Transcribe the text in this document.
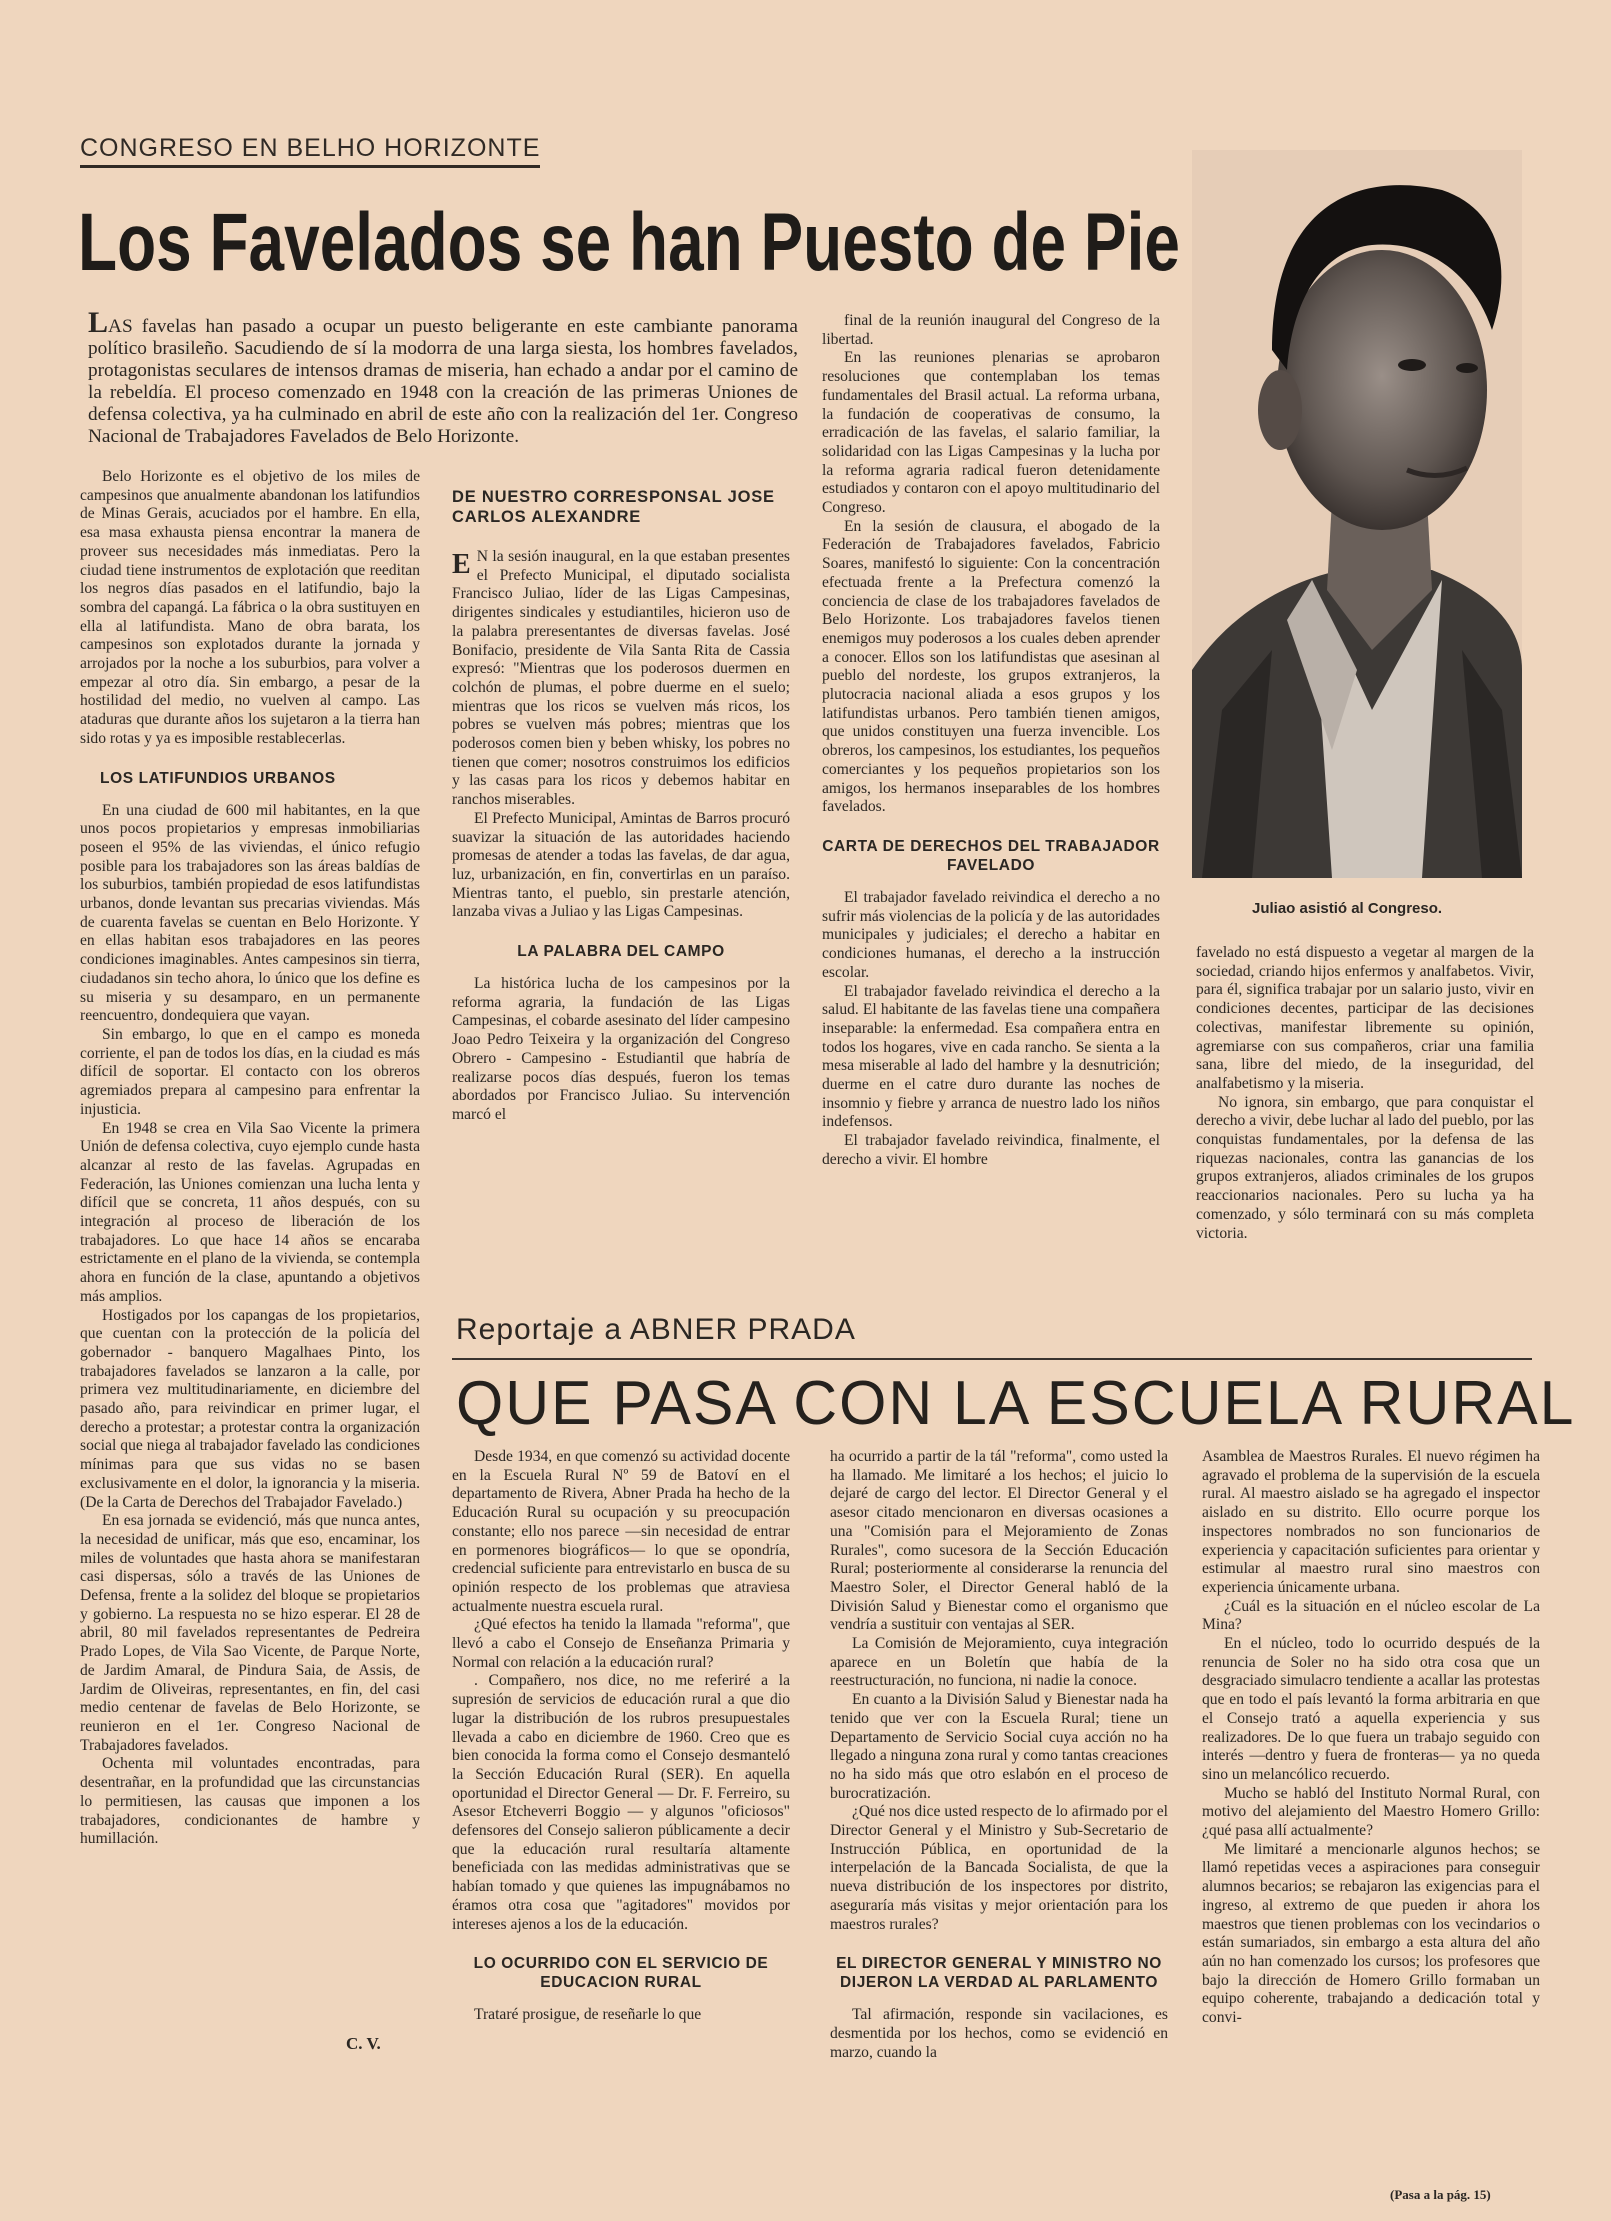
CONGRESO EN BELHO HORIZONTE
Los Favelados se han Puesto de Pie
LAS favelas han pasado a ocupar un puesto beligerante en este cambiante panorama político brasileño. Sacudiendo de sí la modorra de una larga siesta, los hombres favelados, protagonistas seculares de intensos dramas de miseria, han echado a andar por el camino de la rebeldía. El proceso comenzado en 1948 con la creación de las primeras Uniones de defensa colectiva, ya ha culminado en abril de este año con la realización del 1er. Congreso Nacional de Trabajadores Favelados de Belo Horizonte.

Belo Horizonte es el objetivo de los miles de campesinos que anualmente abandonan los latifundios de Minas Gerais, acuciados por el hambre. En ella, esa masa exhausta piensa encontrar la manera de proveer sus necesidades más inmediatas. Pero la ciudad tiene instrumentos de explotación que reeditan los negros días pasados en el latifundio, bajo la sombra del capangá. La fábrica o la obra sustituyen en ella al latifundista. Mano de obra barata, los campesinos son explotados durante la jornada y arrojados por la noche a los suburbios, para volver a empezar al otro día. Sin embargo, a pesar de la hostilidad del medio, no vuelven al campo. Las ataduras que durante años los sujetaron a la tierra han sido rotas y ya es imposible restablecerlas.

LOS LATIFUNDIOS URBANOS

En una ciudad de 600 mil habitantes, en la que unos pocos propietarios y empresas inmobiliarias poseen el 95% de las viviendas, el único refugio posible para los trabajadores son las áreas baldías de los suburbios, también propiedad de esos latifundistas urbanos, donde levantan sus precarias viviendas. Más de cuarenta favelas se cuentan en Belo Horizonte. Y en ellas habitan esos trabajadores en las peores condiciones imaginables. Antes campesinos sin tierra, ciudadanos sin techo ahora, lo único que los define es su miseria y su desamparo, en un permanente reencuentro, dondequiera que vayan.

Sin embargo, lo que en el campo es moneda corriente, el pan de todos los días, en la ciudad es más difícil de soportar. El contacto con los obreros agremiados prepara al campesino para enfrentar la injusticia.

En 1948 se crea en Vila Sao Vicente la primera Unión de defensa colectiva, cuyo ejemplo cunde hasta alcanzar al resto de las favelas. Agrupadas en Federación, las Uniones comienzan una lucha lenta y difícil que se concreta, 11 años después, con su integración al proceso de liberación de los trabajadores. Lo que hace 14 años se encaraba estrictamente en el plano de la vivienda, se contempla ahora en función de la clase, apuntando a objetivos más amplios.

Hostigados por los capangas de los propietarios, que cuentan con la protección de la policía del gobernador - banquero Magalhaes Pinto, los trabajadores favelados se lanzaron a la calle, por primera vez multitudinariamente, en diciembre del pasado año, para reivindicar en primer lugar, el derecho a protestar; a protestar contra la organización social que niega al trabajador favelado las condiciones mínimas para que sus vidas no se basen exclusivamente en el dolor, la ignorancia y la miseria. (De la Carta de Derechos del Trabajador Favelado.)

En esa jornada se evidenció, más que nunca antes, la necesidad de unificar, más que eso, encaminar, los miles de voluntades que hasta ahora se manifestaran casi dispersas, sólo a través de las Uniones de Defensa, frente a la solidez del bloque se propietarios y gobierno. La respuesta no se hizo esperar. El 28 de abril, 80 mil favelados representantes de Pedreira Prado Lopes, de Vila Sao Vicente, de Parque Norte, de Jardim Amaral, de Pindura Saia, de Assis, de Jardim de Oliveiras, representantes, en fin, del casi medio centenar de favelas de Belo Horizonte, se reunieron en el 1er. Congreso Nacional de Trabajadores favelados.

Ochenta mil voluntades encontradas, para desentrañar, en la profundidad que las circunstancias lo permitiesen, las causas que imponen a los trabajadores, condicionantes de hambre y humillación.

C. V.
DE NUESTRO CORRESPONSAL JOSE CARLOS ALEXANDRE

E N la sesión inaugural, en la que estaban presentes el Prefecto Municipal, el diputado socialista Francisco Juliao, líder de las Ligas Campesinas, dirigentes sindicales y estudiantiles, hicieron uso de la palabra preresentantes de diversas favelas. José Bonifacio, presidente de Vila Santa Rita de Cassia expresó: "Mientras que los poderosos duermen en colchón de plumas, el pobre duerme en el suelo; mientras que los ricos se vuelven más ricos, los pobres se vuelven más pobres; mientras que los poderosos comen bien y beben whisky, los pobres no tienen que comer; nosotros construimos los edificios y las casas para los ricos y debemos habitar en ranchos miserables.

El Prefecto Municipal, Amintas de Barros procuró suavizar la situación de las autoridades haciendo promesas de atender a todas las favelas, de dar agua, luz, urbanización, en fin, convertirlas en un paraíso. Mientras tanto, el pueblo, sin prestarle atención, lanzaba vivas a Juliao y las Ligas Campesinas.

LA PALABRA DEL CAMPO

La histórica lucha de los campesinos por la reforma agraria, la fundación de las Ligas Campesinas, el cobarde asesinato del líder campesino Joao Pedro Teixeira y la organización del Congreso Obrero - Campesino - Estudiantil que habría de realizarse pocos días después, fueron los temas abordados por Francisco Juliao. Su intervención marcó el

final de la reunión inaugural del Congreso de la libertad.

En las reuniones plenarias se aprobaron resoluciones que contemplaban los temas fundamentales del Brasil actual. La reforma urbana, la fundación de cooperativas de consumo, la erradicación de las favelas, el salario familiar, la solidaridad con las Ligas Campesinas y la lucha por la reforma agraria radical fueron detenidamente estudiados y contaron con el apoyo multitudinario del Congreso.

En la sesión de clausura, el abogado de la Federación de Trabajadores favelados, Fabricio Soares, manifestó lo siguiente: Con la concentración efectuada frente a la Prefectura comenzó la conciencia de clase de los trabajadores favelados de Belo Horizonte. Los trabajadores favelos tienen enemigos muy poderosos a los cuales deben aprender a conocer. Ellos son los latifundistas que asesinan al pueblo del nordeste, los grupos extranjeros, la plutocracia nacional aliada a esos grupos y los latifundistas urbanos. Pero también tienen amigos, que unidos constituyen una fuerza invencible. Los obreros, los campesinos, los estudiantes, los pequeños comerciantes y los pequeños propietarios son los amigos, los hermanos inseparables de los hombres favelados.

CARTA DE DERECHOS DEL TRABAJADOR FAVELADO

El trabajador favelado reivindica el derecho a no sufrir más violencias de la policía y de las autoridades municipales y judiciales; el derecho a habitar en condiciones humanas, el derecho a la instrucción escolar.

El trabajador favelado reivindica el derecho a la salud. El habitante de las favelas tiene una compañera inseparable: la enfermedad. Esa compañera entra en todos los hogares, vive en cada rancho. Se sienta a la mesa miserable al lado del hambre y la desnutrición; duerme en el catre duro durante las noches de insomnio y fiebre y arranca de nuestro lado los niños indefensos.

El trabajador favelado reivindica, finalmente, el derecho a vivir. El hombre

Juliao asistió al Congreso.

favelado no está dispuesto a vegetar al margen de la sociedad, criando hijos enfermos y analfabetos. Vivir, para él, significa trabajar por un salario justo, vivir en condiciones decentes, participar de las decisiones colectivas, manifestar libremente su opinión, agremiarse con sus compañeros, criar una familia sana, libre del miedo, de la inseguridad, del analfabetismo y la miseria.

No ignora, sin embargo, que para conquistar el derecho a vivir, debe luchar al lado del pueblo, por las conquistas fundamentales, por la defensa de las riquezas nacionales, contra las ganancias de los grupos extranjeros, aliados criminales de los grupos reaccionarios nacionales. Pero su lucha ya ha comenzado, y sólo terminará con su más completa victoria.

Reportaje a ABNER PRADA
QUE PASA CON LA ESCUELA RURAL

Desde 1934, en que comenzó su actividad docente en la Escuela Rural Nº 59 de Batoví en el departamento de Rivera, Abner Prada ha hecho de la Educación Rural su ocupación y su preocupación constante; ello nos parece —sin necesidad de entrar en pormenores biográficos— lo que se opondría, credencial suficiente para entrevistarlo en busca de su opinión respecto de los problemas que atraviesa actualmente nuestra escuela rural.

¿Qué efectos ha tenido la llamada "reforma", que llevó a cabo el Consejo de Enseñanza Primaria y Normal con relación a la educación rural?

. Compañero, nos dice, no me referiré a la supresión de servicios de educación rural a que dio lugar la distribución de los rubros presupuestales llevada a cabo en diciembre de 1960. Creo que es bien conocida la forma como el Consejo desmanteló la Sección Educación Rural (SER). En aquella oportunidad el Director General — Dr. F. Ferreiro, su Asesor Etcheverri Boggio — y algunos "oficiosos" defensores del Consejo salieron públicamente a decir que la educación rural resultaría altamente beneficiada con las medidas administrativas que se habían tomado y que quienes las impugnábamos no éramos otra cosa que "agitadores" movidos por intereses ajenos a los de la educación.

LO OCURRIDO CON EL SERVICIO DE EDUCACION RURAL

Trataré prosigue, de reseñarle lo que

ha ocurrido a partir de la tál "reforma", como usted la ha llamado. Me limitaré a los hechos; el juicio lo dejaré de cargo del lector. El Director General y el asesor citado mencionaron en diversas ocasiones a una "Comisión para el Mejoramiento de Zonas Rurales", como sucesora de la Sección Educación Rural; posteriormente al considerarse la renuncia del Maestro Soler, el Director General habló de la División Salud y Bienestar como el organismo que vendría a sustituir con ventajas al SER.

La Comisión de Mejoramiento, cuya integración aparece en un Boletín que había de la reestructuración, no funciona, ni nadie la conoce.

En cuanto a la División Salud y Bienestar nada ha tenido que ver con la Escuela Rural; tiene un Departamento de Servicio Social cuya acción no ha llegado a ninguna zona rural y como tantas creaciones no ha sido más que otro eslabón en el proceso de burocratización.

¿Qué nos dice usted respecto de lo afirmado por el Director General y el Ministro y Sub-Secretario de Instrucción Pública, en oportunidad de la interpelación de la Bancada Socialista, de que la nueva distribución de los inspectores por distrito, aseguraría más visitas y mejor orientación para los maestros rurales?

EL DIRECTOR GENERAL Y MINISTRO NO DIJERON LA VERDAD AL PARLAMENTO

Tal afirmación, responde sin vacilaciones, es desmentida por los hechos, como se evidenció en marzo, cuando la

Asamblea de Maestros Rurales. El nuevo régimen ha agravado el problema de la supervisión de la escuela rural. Al maestro aislado se ha agregado el inspector aislado en su distrito. Ello ocurre porque los inspectores nombrados no son funcionarios de experiencia y capacitación suficientes para orientar y estimular al maestro rural sino maestros con experiencia únicamente urbana.

¿Cuál es la situación en el núcleo escolar de La Mina?

En el núcleo, todo lo ocurrido después de la renuncia de Soler no ha sido otra cosa que un desgraciado simulacro tendiente a acallar las protestas que en todo el país levantó la forma arbitraria en que el Consejo trató a aquella experiencia y sus realizadores. De lo que fuera un trabajo seguido con interés —dentro y fuera de fronteras— ya no queda sino un melancólico recuerdo.

Mucho se habló del Instituto Normal Rural, con motivo del alejamiento del Maestro Homero Grillo: ¿qué pasa allí actualmente?

Me limitaré a mencionarle algunos hechos; se llamó repetidas veces a aspiraciones para conseguir alumnos becarios; se rebajaron las exigencias para el ingreso, al extremo de que pueden ir ahora los maestros que tienen problemas con los vecindarios o están sumariados, sin embargo a esta altura del año aún no han comenzado los cursos; los profesores que bajo la dirección de Homero Grillo formaban un equipo coherente, trabajando a dedicación total y convi-

(Pasa a la pág. 15)
